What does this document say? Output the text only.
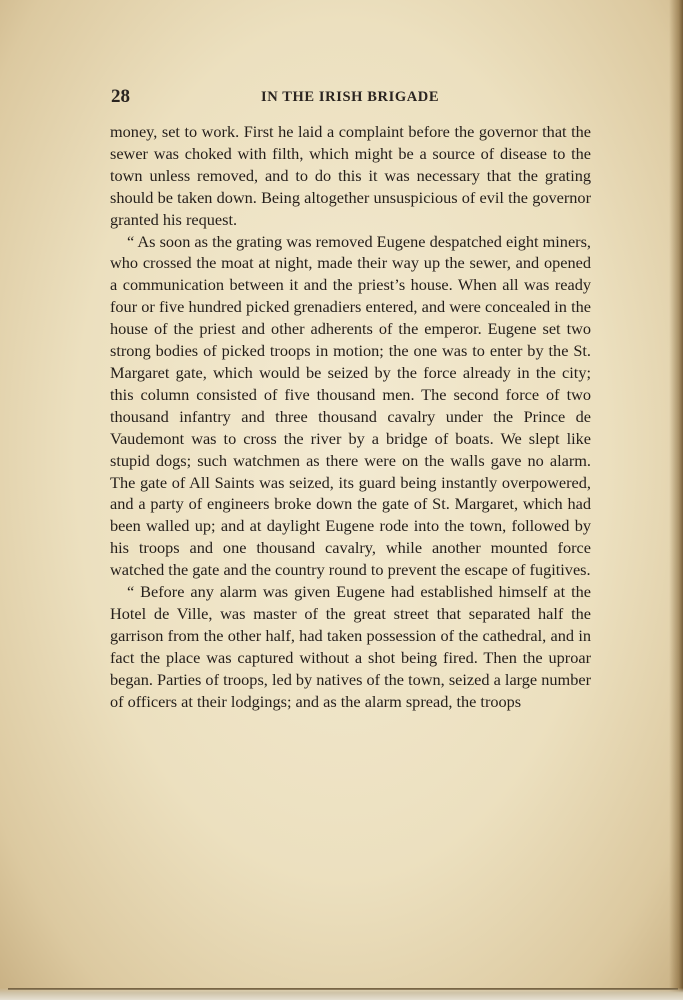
28	IN THE IRISH BRIGADE

money, set to work. First he laid a complaint before the governor that the sewer was choked with filth, which might be a source of disease to the town unless removed, and to do this it was necessary that the grating should be taken down. Being altogether unsuspicious of evil the governor granted his request.

“ As soon as the grating was removed Eugene despatched eight miners, who crossed the moat at night, made their way up the sewer, and opened a communication between it and the priest’s house. When all was ready four or five hundred picked grenadiers entered, and were concealed in the house of the priest and other adherents of the emperor. Eugene set two strong bodies of picked troops in motion; the one was to enter by the St. Margaret gate, which would be seized by the force already in the city; this column consisted of five thousand men. The second force of two thousand infantry and three thousand cavalry under the Prince de Vaudemont was to cross the river by a bridge of boats. We slept like stupid dogs; such watchmen as there were on the walls gave no alarm. The gate of All Saints was seized, its guard being instantly overpowered, and a party of engineers broke down the gate of St. Margaret, which had been walled up; and at daylight Eugene rode into the town, followed by his troops and one thousand cavalry, while another mounted force watched the gate and the country round to prevent the escape of fugitives.

“ Before any alarm was given Eugene had established himself at the Hotel de Ville, was master of the great street that separated half the garrison from the other half, had taken possession of the cathedral, and in fact the place was captured without a shot being fired. Then the uproar began. Parties of troops, led by natives of the town, seized a large number of officers at their lodgings; and as the alarm spread, the troops
